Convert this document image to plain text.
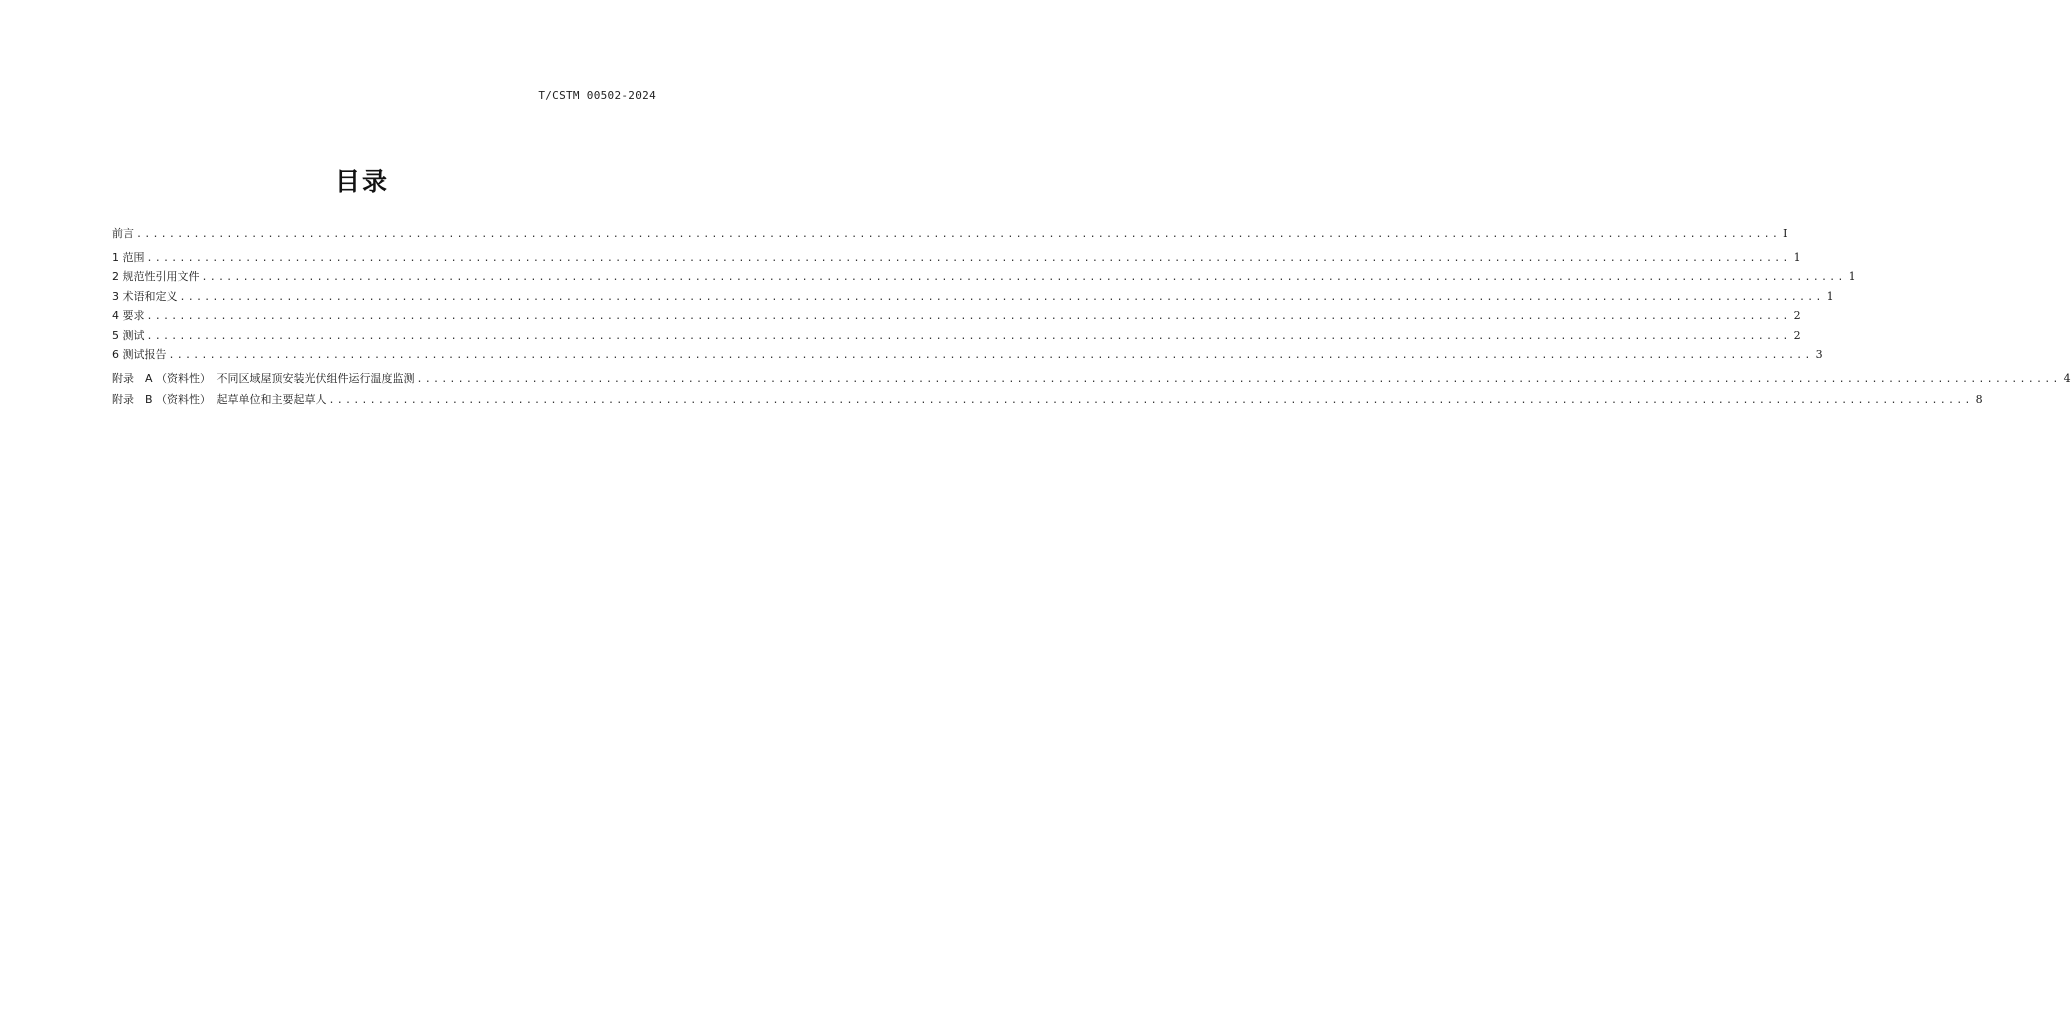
T/CSTM 00502-2024
目录
前言 ........................................................................................................................................................................................................ I
1 范围 ........................................................................................................................................................................................................ 1
2 规范性引用文件 ........................................................................................................................................................................................................ 1
3 术语和定义 ........................................................................................................................................................................................................ 1
4 要求 ........................................................................................................................................................................................................ 2
5 测试 ........................................................................................................................................................................................................ 2
6 测试报告 ........................................................................................................................................................................................................ 3
附录　A （资料性）　不同区域屋顶安装光伏组件运行温度监测 ........................................................................................................................................................................................................ 4
附录　B （资料性）　起草单位和主要起草人 ........................................................................................................................................................................................................ 8
